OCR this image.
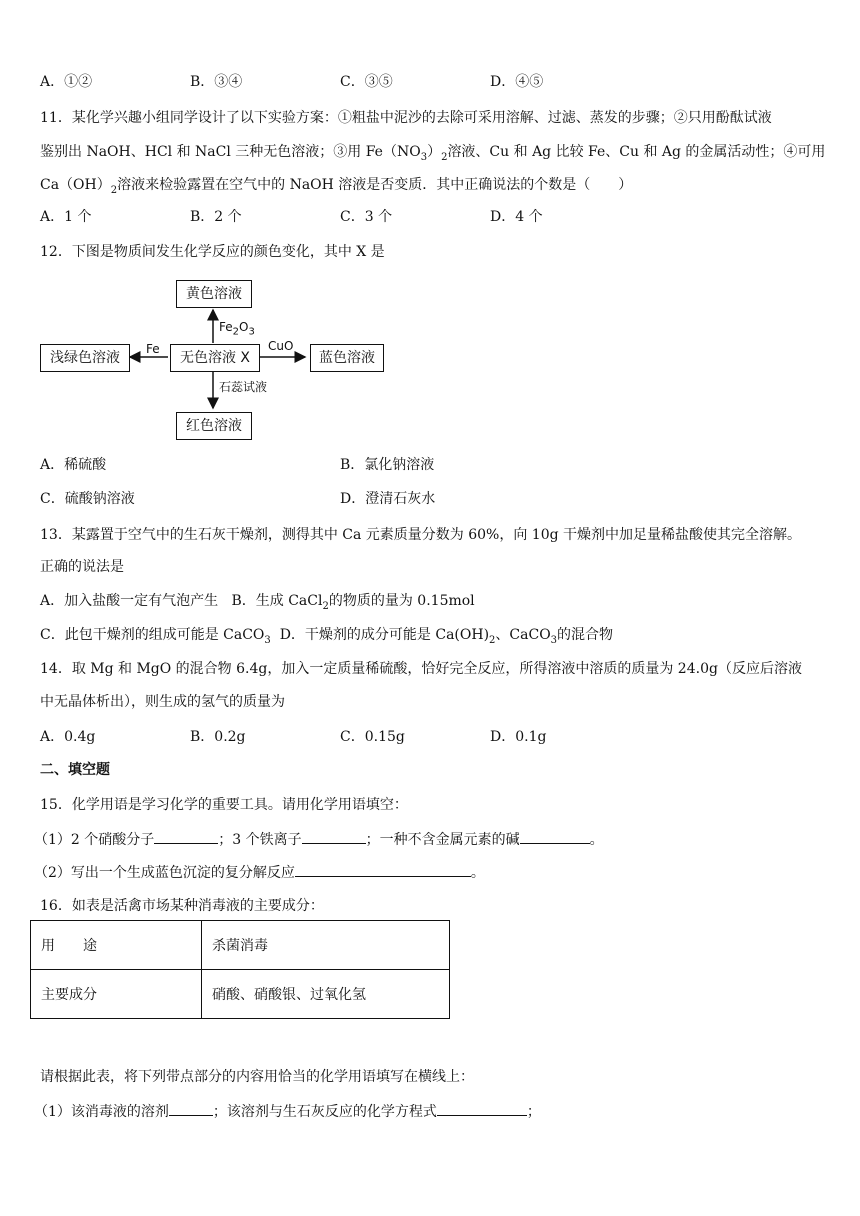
A．①②	B．③④	C．③⑤	D．④⑤
11．某化学兴趣小组同学设计了以下实验方案：①粗盐中泥沙的去除可采用溶解、过滤、蒸发的步骤；②只用酚酞试液
鉴别出 NaOH、HCl 和 NaCl 三种无色溶液；③用 $Fe(NO_3)_2$溶液、Cu 和 Ag 比较 Fe、Cu 和 Ag 的金属活动性；④可用
$Ca(OH)_2$溶液来检验露置在空气中的 NaOH 溶液是否变质．其中正确说法的个数是（　　）
A．1 个	B．2 个	C．3 个	D．4 个
12．下图是物质间发生化学反应的颜色变化，其中 X 是
黄色溶液
浅绿色溶液	无色溶液 X	蓝色溶液
红色溶液
$Fe_2O_3$
Fe	CuO
石蕊试液
A．稀硫酸	B．氯化钠溶液
C．硫酸钠溶液	D．澄清石灰水
13．某露置于空气中的生石灰干燥剂，测得其中 Ca 元素质量分数为 60%，向 10g 干燥剂中加足量稀盐酸使其完全溶解。
正确的说法是
A．加入盐酸一定有气泡产生 B．生成 CaCl$_2$的物质的量为 0.15mol
C．此包干燥剂的组成可能是 CaCO$_3$ D．干燥剂的成分可能是 $Ca(OH)_2$、CaCO$_3$的混合物
14．取 Mg 和 MgO 的混合物 6.4g，加入一定质量稀硫酸，恰好完全反应，所得溶液中溶质的质量为 24.0g（反应后溶液
中无晶体析出），则生成的氢气的质量为
A．0.4g	B．0.2g	C．0.15g	D．0.1g
二、填空题
15．化学用语是学习化学的重要工具。请用化学用语填空：
（1）2 个硝酸分子	；3 个铁离子	；一种不含金属元素的碱	。
（2）写出一个生成蓝色沉淀的复分解反应	。
16．如表是活禽市场某种消毒液的主要成分：
用　　途	杀菌消毒
主要成分	硝酸、硝酸银、过氧化氢
请根据此表，将下列带点部分的内容用恰当的化学用语填写在横线上：
（1）该消毒液的溶剂	；该溶剂与生石灰反应的化学方程式	；
